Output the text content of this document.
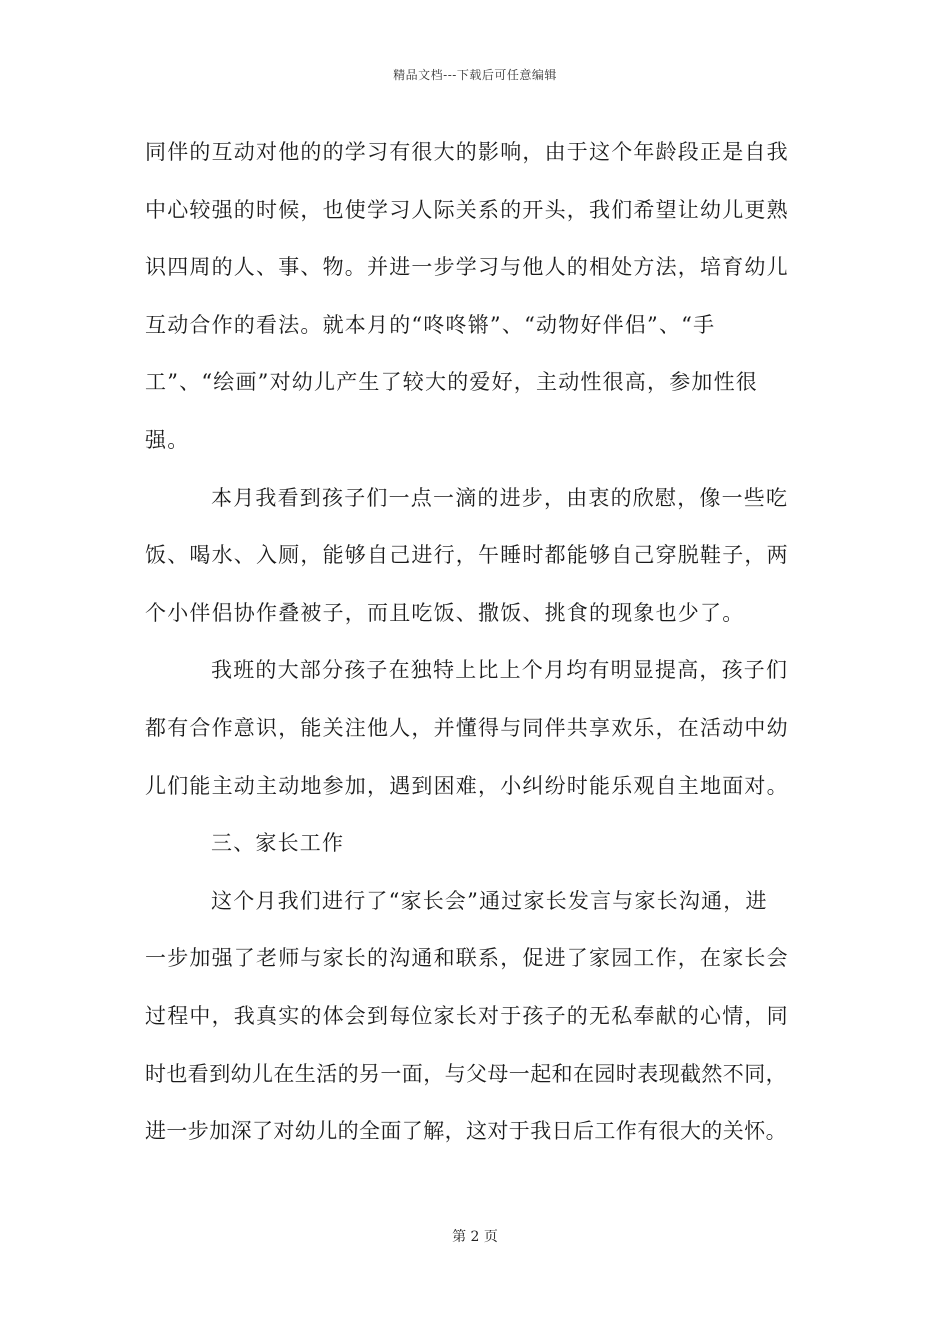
精品文档---下载后可任意编辑
同伴的互动对他的的学习有很大的影响，由于这个年龄段正是自我
中心较强的时候，也使学习人际关系的开头，我们希望让幼儿更熟
识四周的人、事、物。并进一步学习与他人的相处方法，培育幼儿
互动合作的看法。就本月的“咚咚锵”、“动物好伴侣”、“手
工”、“绘画”对幼儿产生了较大的爱好，主动性很高，参加性很
强。
本月我看到孩子们一点一滴的进步，由衷的欣慰，像一些吃
饭、喝水、入厕，能够自己进行，午睡时都能够自己穿脱鞋子，两
个小伴侣协作叠被子，而且吃饭、撒饭、挑食的现象也少了。
我班的大部分孩子在独特上比上个月均有明显提高，孩子们
都有合作意识，能关注他人，并懂得与同伴共享欢乐，在活动中幼
儿们能主动主动地参加，遇到困难，小纠纷时能乐观自主地面对。
三、家长工作
这个月我们进行了“家长会”通过家长发言与家长沟通，进
一步加强了老师与家长的沟通和联系，促进了家园工作，在家长会
过程中，我真实的体会到每位家长对于孩子的无私奉献的心情，同
时也看到幼儿在生活的另一面，与父母一起和在园时表现截然不同，
进一步加深了对幼儿的全面了解，这对于我日后工作有很大的关怀。
第 2 页
